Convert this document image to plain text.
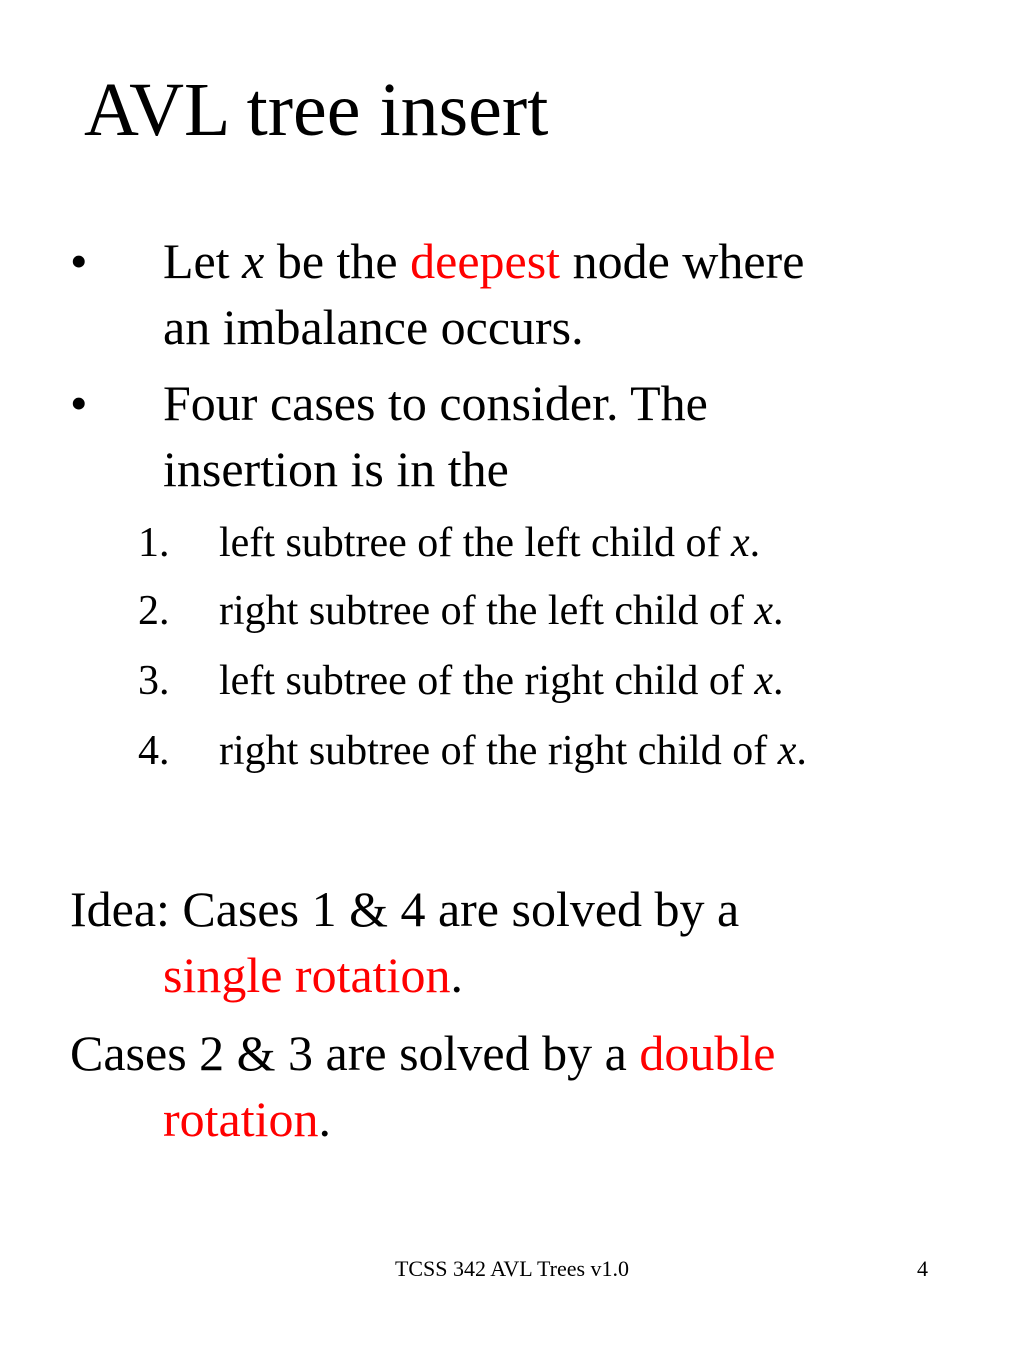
AVL tree insert
•	Let x be the deepest node where
an imbalance occurs.
•	Four cases to consider. The
insertion is in the
1. left subtree of the left child of x.
2. right subtree of the left child of x.
3. left subtree of the right child of x.
4. right subtree of the right child of x.
Idea: Cases 1 & 4 are solved by a
single rotation.
Cases 2 & 3 are solved by a double
rotation.
TCSS 342 AVL Trees v1.0	4
